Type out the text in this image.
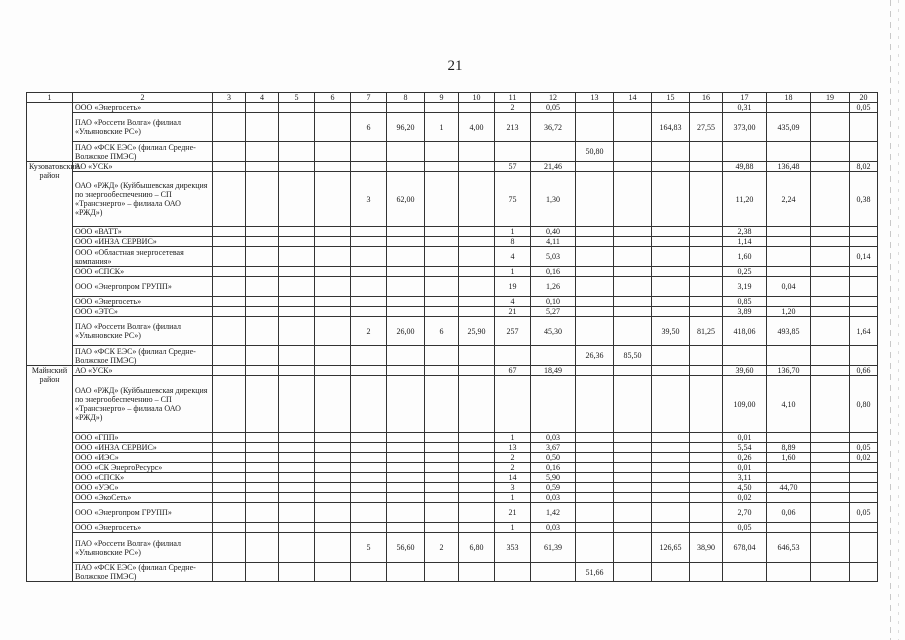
21
1	2	3	4	5	6	7	8	9	10	11	12	13	14	15	16	17	18	19	20
	ООО «Энергосеть»									2	0,05					0,31			0,05
	ПАО «Россети Волга» (филиал «Ульяновские РС»)					6	96,20	1	4,00	213	36,72			164,83	27,55	373,00	435,09		
	ПАО «ФСК ЕЭС» (филиал Средне-Волжское ПМЭС)											50,80							
Кузоватовский район	АО «УСК»									57	21,46					49,88	136,48		8,02
	ОАО «РЖД» (Куйбышевская дирекция по энергообеспечению – СП «Трансэнерго» – филиала ОАО «РЖД»)					3	62,00			75	1,30					11,20	2,24		0,38
	ООО «ВАТТ»									1	0,40					2,38			
	ООО «ИНЗА СЕРВИС»									8	4,11					1,14			
	ООО «Областная энергосетевая компания»									4	5,03					1,60			0,14
	ООО «СПСК»									1	0,16					0,25			
	ООО «Энергопром ГРУПП»									19	1,26					3,19	0,04		
	ООО «Энергосеть»									4	0,10					0,85			
	ООО «ЭТС»									21	5,27					3,89	1,20		
	ПАО «Россети Волга» (филиал «Ульяновские РС»)					2	26,00	6	25,90	257	45,30			39,50	81,25	418,06	493,85		1,64
	ПАО «ФСК ЕЭС» (филиал Средне-Волжское ПМЭС)											26,36	85,50						
Майнский район	АО «УСК»									67	18,49					39,60	136,70		0,66
	ОАО «РЖД» (Куйбышевская дирекция по энергообеспечению – СП «Трансэнерго» – филиала ОАО «РЖД»)															109,00	4,10		0,80
	ООО «ГПП»									1	0,03					0,01			
	ООО «ИНЗА СЕРВИС»									13	3,67					5,54	8,89		0,05
	ООО «ИЭС»									2	0,50					0,26	1,60		0,02
	ООО «СК ЭнергоРесурс»									2	0,16					0,01			
	ООО «СПСК»									14	5,90					3,11			
	ООО «УЭС»									3	0,59					4,50	44,70		
	ООО «ЭкоСеть»									1	0,03					0,02			
	ООО «Энергопром ГРУПП»									21	1,42					2,70	0,06		0,05
	ООО «Энергосеть»									1	0,03					0,05			
	ПАО «Россети Волга» (филиал «Ульяновские РС»)					5	56,60	2	6,80	353	61,39			126,65	38,90	678,04	646,53		
	ПАО «ФСК ЕЭС» (филиал Средне-Волжское ПМЭС)											51,66							
